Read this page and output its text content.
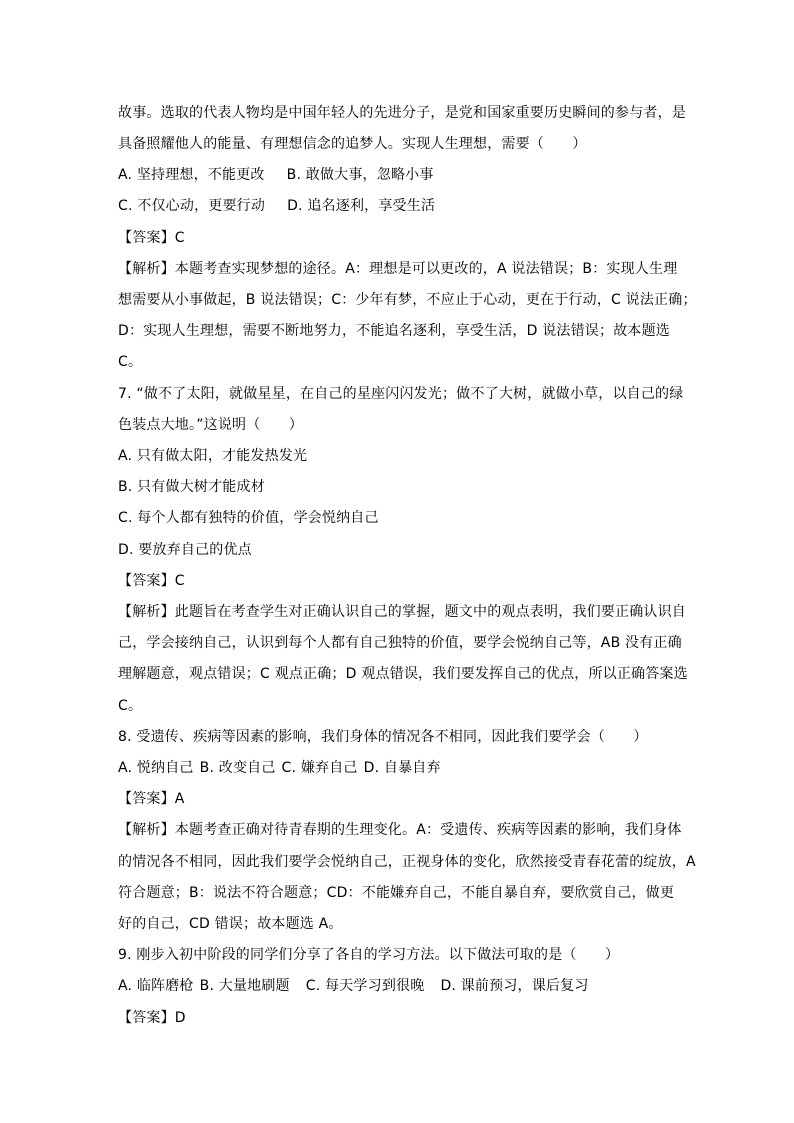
故事。选取的代表人物均是中国年轻人的先进分子，是党和国家重要历史瞬间的参与者，是
具备照耀他人的能量、有理想信念的追梦人。实现人生理想，需要（　　）
A. 坚持理想，不能更改 B. 敢做大事，忽略小事
C. 不仅心动，更要行动 D. 追名逐利，享受生活
【答案】C
【解析】本题考查实现梦想的途径。A：理想是可以更改的，A 说法错误；B：实现人生理
想需要从小事做起，B 说法错误；C：少年有梦，不应止于心动，更在于行动，C 说法正确；
D：实现人生理想，需要不断地努力，不能追名逐利，享受生活，D 说法错误；故本题选
C。
7. “做不了太阳，就做星星，在自己的星座闪闪发光；做不了大树，就做小草，以自己的绿
色装点大地。”这说明（　　）
A. 只有做太阳，才能发热发光
B. 只有做大树才能成材
C. 每个人都有独特的价值，学会悦纳自己
D. 要放弃自己的优点
【答案】C
【解析】此题旨在考查学生对正确认识自己的掌握，题文中的观点表明，我们要正确认识自
己，学会接纳自己，认识到每个人都有自己独特的价值，要学会悦纳自己等，AB 没有正确
理解题意，观点错误；C 观点正确；D 观点错误，我们要发挥自己的优点，所以正确答案选
C。
8. 受遗传、疾病等因素的影响，我们身体的情况各不相同，因此我们要学会（　　）
A. 悦纳自己 B. 改变自己 C. 嫌弃自己 D. 自暴自弃
【答案】A
【解析】本题考查正确对待青春期的生理变化。A：受遗传、疾病等因素的影响，我们身体
的情况各不相同，因此我们要学会悦纳自己，正视身体的变化，欣然接受青春花蕾的绽放，A
符合题意；B：说法不符合题意；CD：不能嫌弃自己，不能自暴自弃，要欣赏自己，做更
好的自己，CD 错误；故本题选 A。
9. 刚步入初中阶段的同学们分享了各自的学习方法。以下做法可取的是（　　）
A. 临阵磨枪 B. 大量地刷题 C. 每天学习到很晚 D. 课前预习，课后复习
【答案】D
